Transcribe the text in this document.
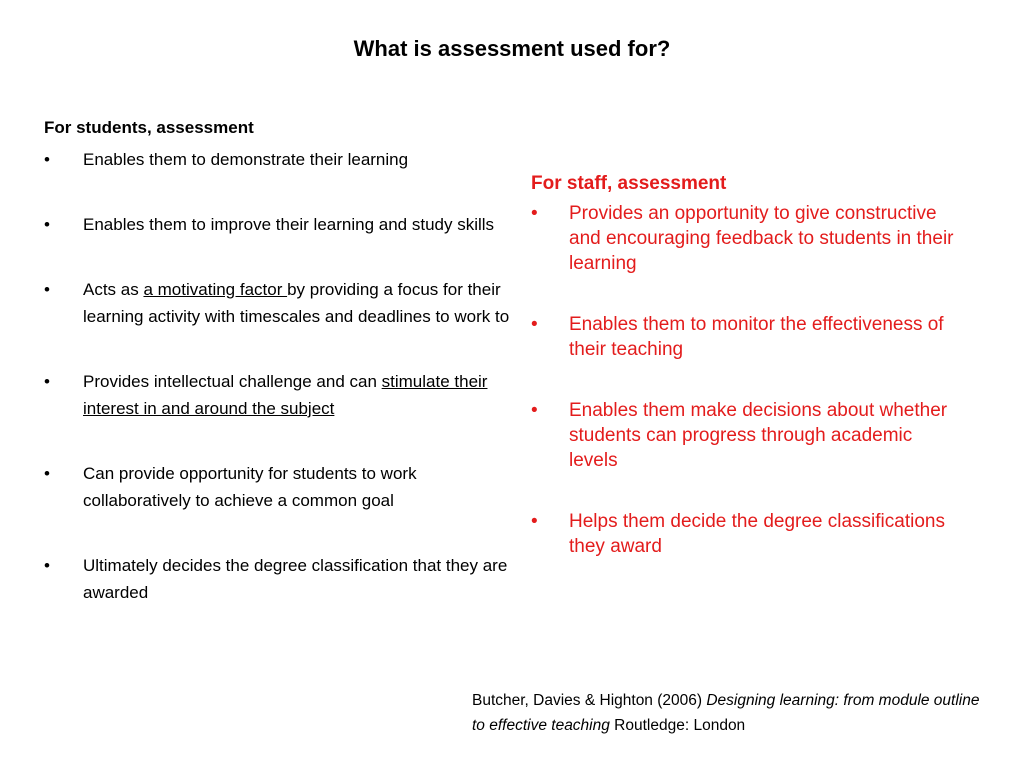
What is assessment used for?
For students, assessment
• Enables them to demonstrate their learning
• Enables them to improve their learning and study skills
• Acts as a motivating factor by providing a focus for their learning activity with timescales and deadlines to work to
• Provides intellectual challenge and can stimulate their interest in and around the subject
• Can provide opportunity for students to work collaboratively to achieve a common goal
• Ultimately decides the degree classification that they are awarded
For staff, assessment
• Provides an opportunity to give constructive and encouraging feedback to students in their learning
• Enables them to monitor the effectiveness of their teaching
• Enables them make decisions about whether students can progress through academic levels
• Helps them decide the degree classifications they award
Butcher, Davies & Highton (2006) Designing learning: from module outline to effective teaching Routledge: London
